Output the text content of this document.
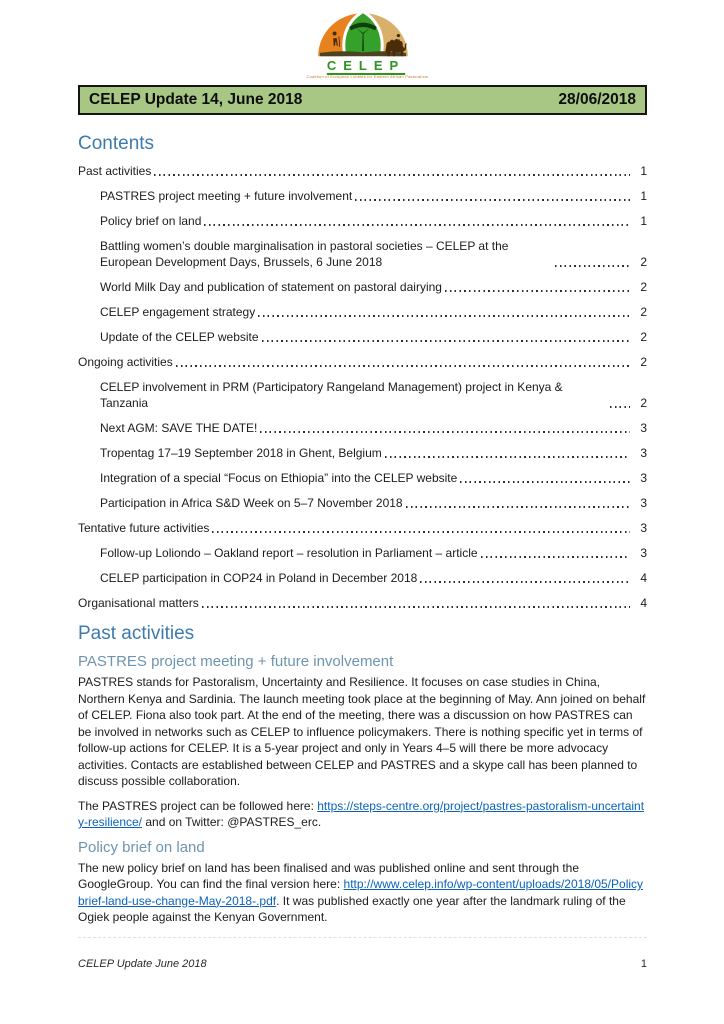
CELEP
Coalition of European Lobbies for Eastern African Pastoralism
CELEP Update 14, June 2018	28/06/2018
Contents
Past activities	1
PASTRES project meeting + future involvement	1
Policy brief on land	1
Battling women’s double marginalisation in pastoral societies – CELEP at the European Development Days, Brussels, 6 June 2018	2
World Milk Day and publication of statement on pastoral dairying	2
CELEP engagement strategy	2
Update of the CELEP website	2
Ongoing activities	2
CELEP involvement in PRM (Participatory Rangeland Management) project in Kenya & Tanzania	2
Next AGM: SAVE THE DATE!	3
Tropentag 17–19 September 2018 in Ghent, Belgium	3
Integration of a special “Focus on Ethiopia” into the CELEP website	3
Participation in Africa S&D Week on 5–7 November 2018	3
Tentative future activities	3
Follow-up Loliondo – Oakland report – resolution in Parliament – article	3
CELEP participation in COP24 in Poland in December 2018	4
Organisational matters	4
Past activities
PASTRES project meeting + future involvement

PASTRES stands for Pastoralism, Uncertainty and Resilience. It focuses on case studies in China, Northern Kenya and Sardinia. The launch meeting took place at the beginning of May. Ann joined on behalf of CELEP. Fiona also took part. At the end of the meeting, there was a discussion on how PASTRES can be involved in networks such as CELEP to influence policymakers. There is nothing specific yet in terms of follow-up actions for CELEP. It is a 5-year project and only in Years 4–5 will there be more advocacy activities. Contacts are established between CELEP and PASTRES and a skype call has been planned to discuss possible collaboration.

The PASTRES project can be followed here: https://steps-centre.org/project/pastres-pastoralism-uncertainty-resilience/ and on Twitter: @PASTRES_erc.

Policy brief on land

The new policy brief on land has been finalised and was published online and sent through the GoogleGroup. You can find the final version here: http://www.celep.info/wp-content/uploads/2018/05/Policybrief-land-use-change-May-2018-.pdf. It was published exactly one year after the landmark ruling of the Ogiek people against the Kenyan Government.

CELEP Update June 2018	1
